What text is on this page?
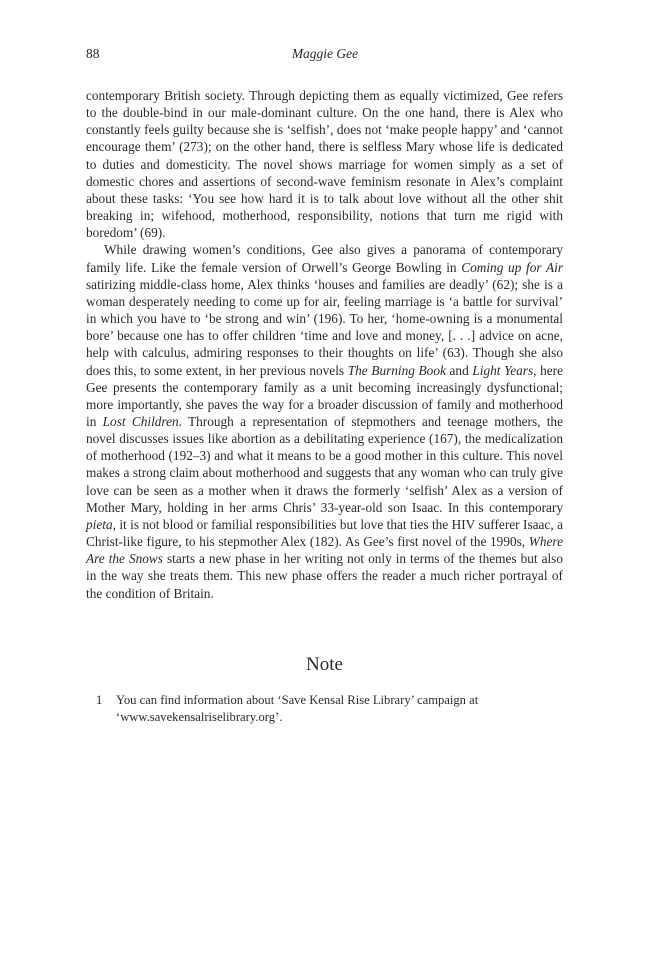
88	Maggie Gee

contemporary British society. Through depicting them as equally victimized, Gee refers to the double-bind in our male-dominant culture. On the one hand, there is Alex who constantly feels guilty because she is ‘selfish’, does not ‘make people happy’ and ‘cannot encourage them’ (273); on the other hand, there is selfless Mary whose life is dedicated to duties and domesticity. The novel shows marriage for women simply as a set of domestic chores and assertions of second-wave feminism resonate in Alex’s complaint about these tasks: ‘You see how hard it is to talk about love without all the other shit breaking in; wifehood, motherhood, responsibility, notions that turn me rigid with boredom’ (69).

While drawing women’s conditions, Gee also gives a panorama of contemporary family life. Like the female version of Orwell’s George Bowling in Coming up for Air satirizing middle-class home, Alex thinks ‘houses and families are deadly’ (62); she is a woman desperately needing to come up for air, feeling marriage is ‘a battle for survival’ in which you have to ‘be strong and win’ (196). To her, ‘home-owning is a monumental bore’ because one has to offer children ‘time and love and money, [. . .] advice on acne, help with calculus, admiring responses to their thoughts on life’ (63). Though she also does this, to some extent, in her previous novels The Burning Book and Light Years, here Gee presents the contemporary family as a unit becoming increasingly dysfunctional; more importantly, she paves the way for a broader discussion of family and motherhood in Lost Children. Through a representation of stepmothers and teenage mothers, the novel discusses issues like abortion as a debilitating experience (167), the medicalization of motherhood (192–3) and what it means to be a good mother in this culture. This novel makes a strong claim about motherhood and suggests that any woman who can truly give love can be seen as a mother when it draws the formerly ‘selfish’ Alex as a version of Mother Mary, holding in her arms Chris’ 33-year-old son Isaac. In this contemporary pieta, it is not blood or familial responsibilities but love that ties the HIV sufferer Isaac, a Christ-like figure, to his stepmother Alex (182). As Gee’s first novel of the 1990s, Where Are the Snows starts a new phase in her writing not only in terms of the themes but also in the way she treats them. This new phase offers the reader a much richer portrayal of the condition of Britain.

Note
1 You can find information about ‘Save Kensal Rise Library’ campaign at ‘www.savekensalriselibrary.org’.
